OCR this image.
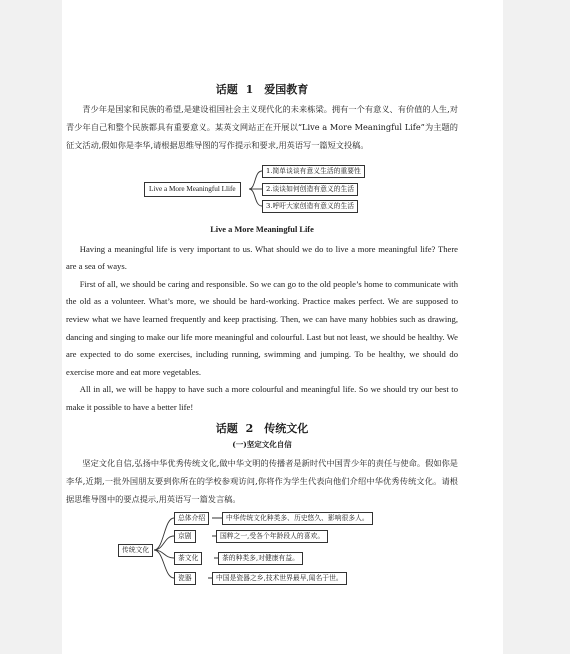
话题 1　爱国教育

青少年是国家和民族的希望,是建设祖国社会主义现代化的未来栋梁。拥有一个有意义、有价值的人生,对青少年自己和整个民族都具有重要意义。某英文网站正在开展以“Live a More Meaningful Life”为主题的征文活动,假如你是李华,请根据思维导图的写作提示和要求,用英语写一篇短文投稿。

Live a More Meaningful Llife
1.简单谈谈有意义生活的重要性
2.谈谈如何创造有意义的生活
3.呼吁大家创造有意义的生活
Live a More Meaningful Life

Having a meaningful life is very important to us. What should we do to live a more meaningful life? There are a sea of ways.

First of all, we should be caring and responsible. So we can go to the old people’s home to communicate with the old as a volunteer. What’s more, we should be hard-working. Practice makes perfect. We are supposed to review what we have learned frequently and keep practising. Then, we can have many hobbies such as drawing, dancing and singing to make our life more meaningful and colourful. Last but not least, we should be healthy. We are expected to do some exercises, including running, swimming and jumping. To be healthy, we should do exercise more and eat more vegetables.

All in all, we will be happy to have such a more colourful and meaningful life. So we should try our best to make it possible to have a better life!

话题 2　传统文化
(一)坚定文化自信

坚定文化自信,弘扬中华优秀传统文化,做中华文明的传播者是新时代中国青少年的责任与使命。假如你是李华,近期,一批外国朋友要到你所在的学校参观访问,你将作为学生代表向他们介绍中华优秀传统文化。请根据思维导图中的要点提示,用英语写一篇发言稿。

传统文化
总体介绍	中华传统文化种类多、历史悠久、影响很多人。
京剧	国粹之一,受各个年龄段人的喜欢。
茶文化	茶的种类多,对健康有益。
瓷器	中国是瓷器之乡,技术世界最早,闻名于世。
